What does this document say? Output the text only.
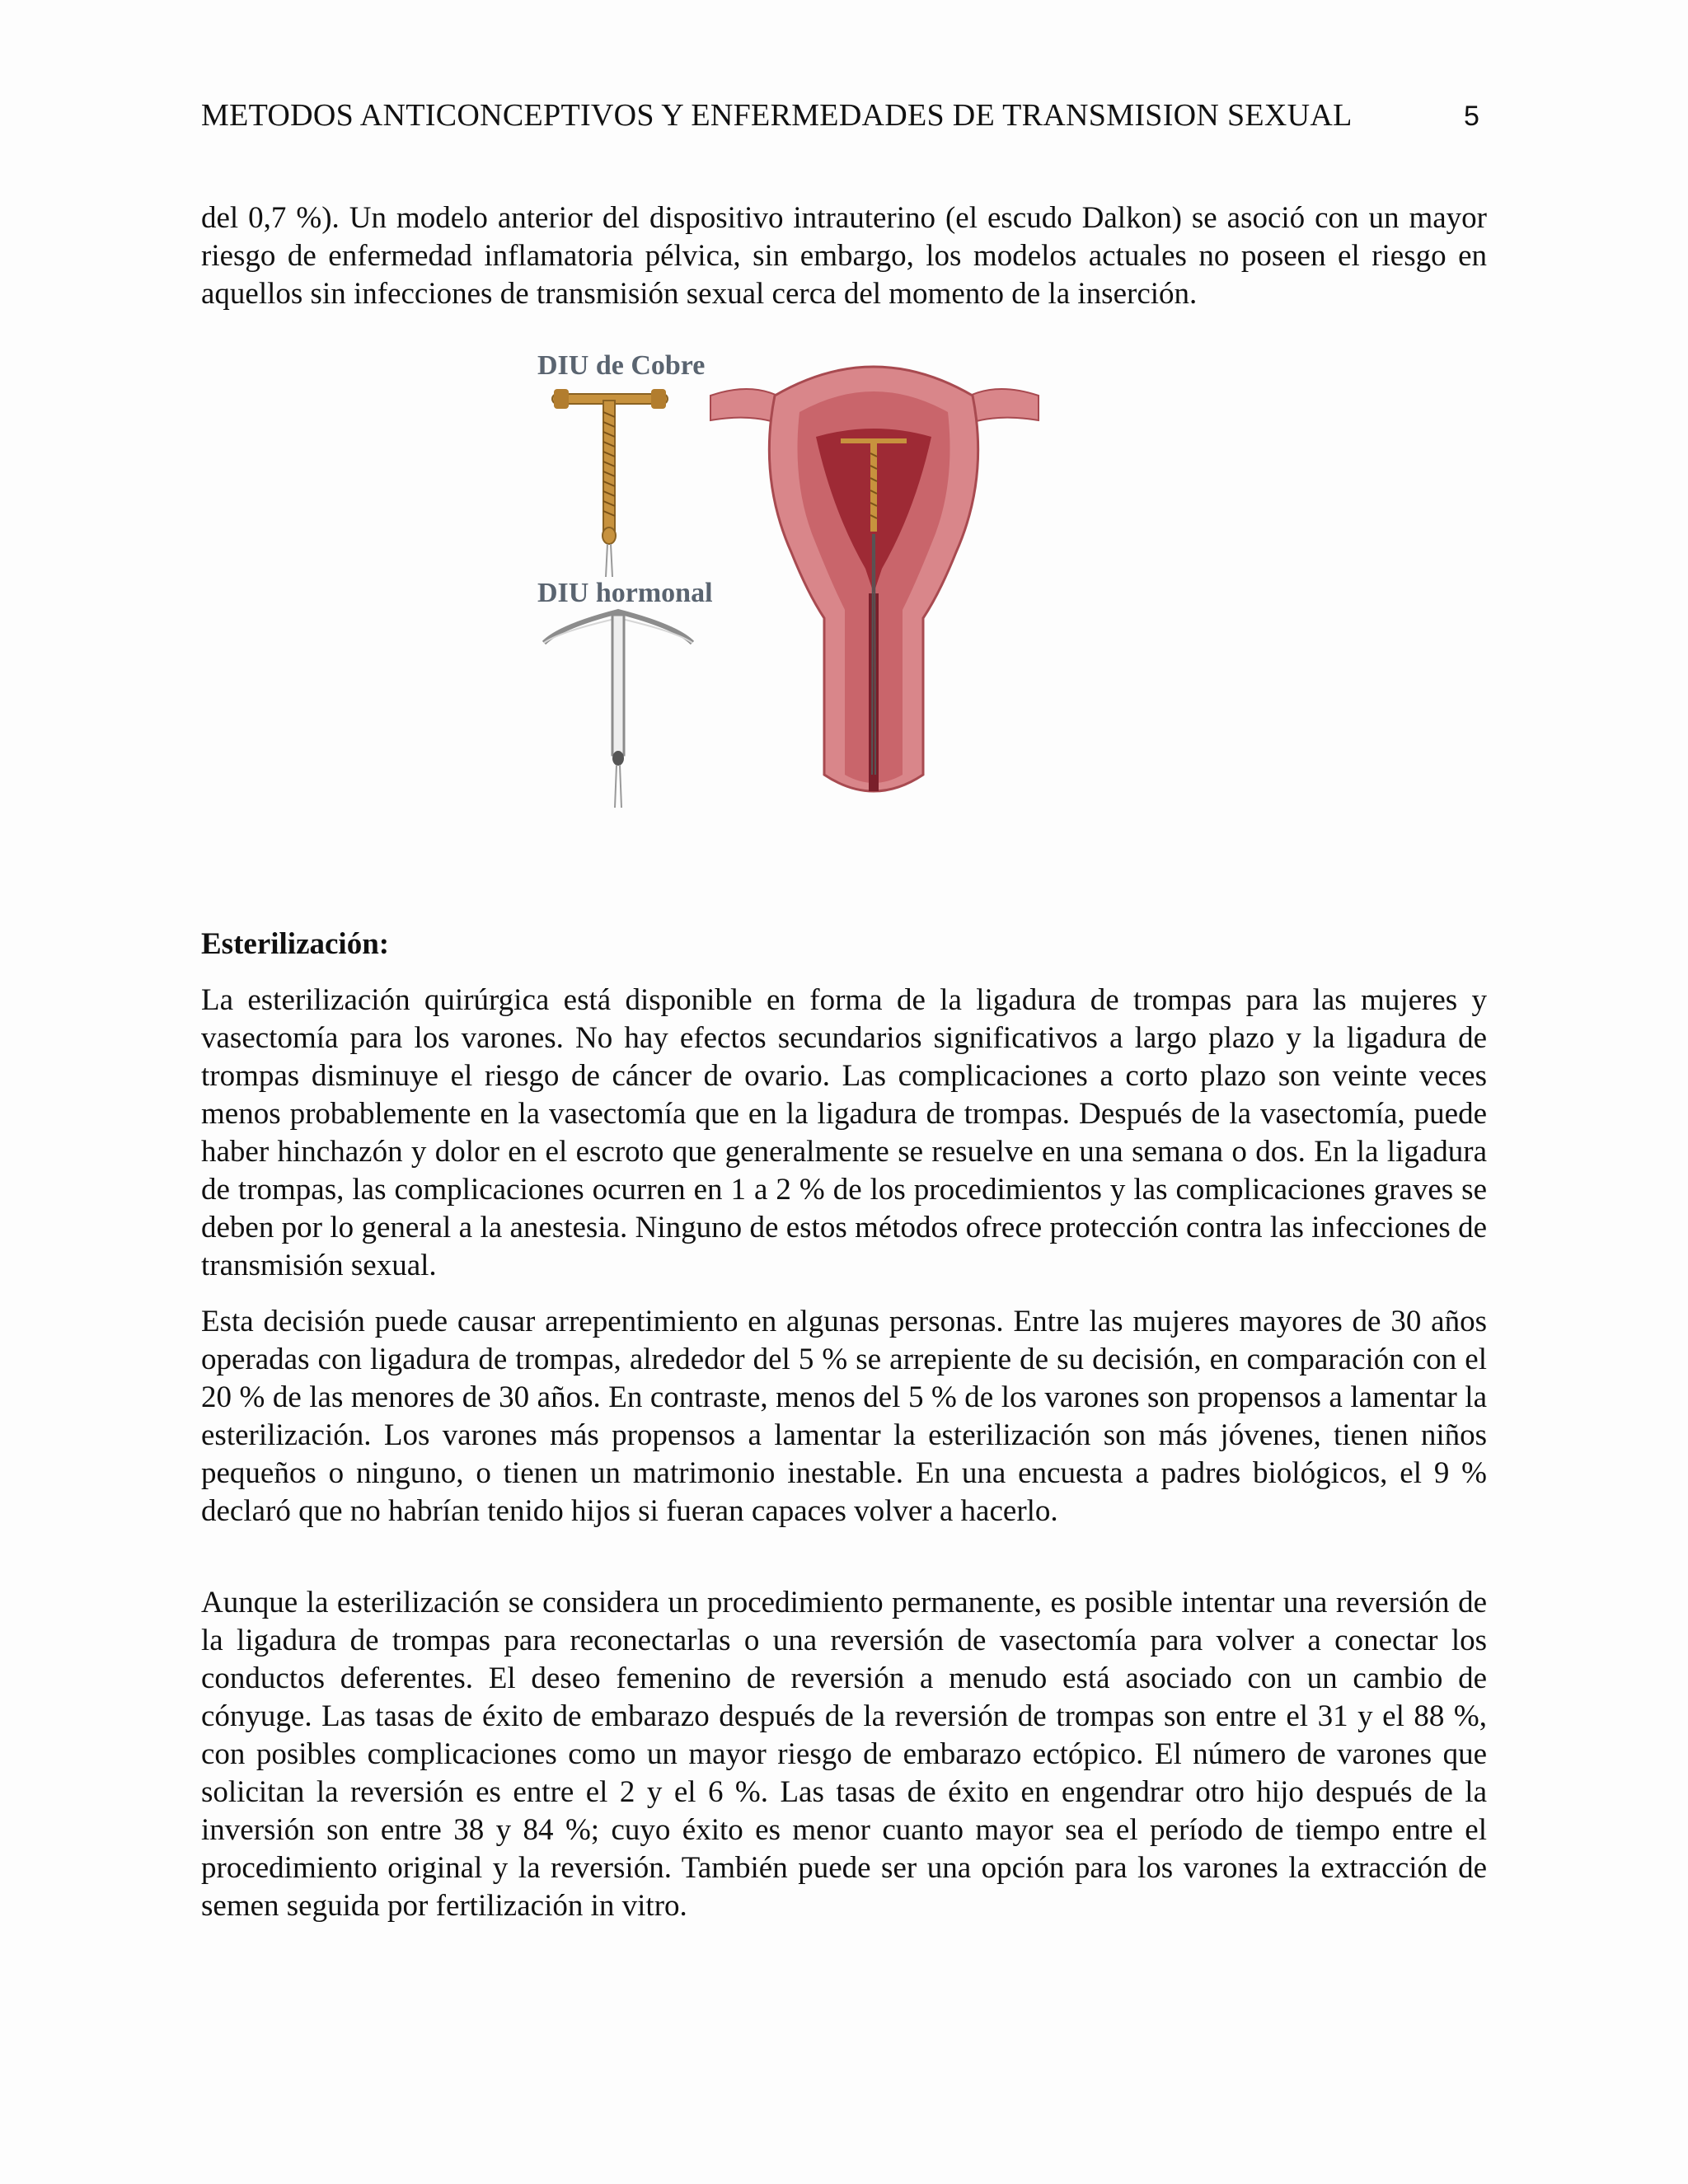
METODOS ANTICONCEPTIVOS Y ENFERMEDADES DE TRANSMISION SEXUAL	5

del 0,7 %). Un modelo anterior del dispositivo intrauterino (el escudo Dalkon) se asoció con un mayor riesgo de enfermedad inflamatoria pélvica, sin embargo, los modelos actuales no poseen el riesgo en aquellos sin infecciones de transmisión sexual cerca del momento de la inserción.

DIU de Cobre
DIU hormonal
Esterilización:

La esterilización quirúrgica está disponible en forma de la ligadura de trompas para las mujeres y vasectomía para los varones. No hay efectos secundarios significativos a largo plazo y la ligadura de trompas disminuye el riesgo de cáncer de ovario. Las complicaciones a corto plazo son veinte veces menos probablemente en la vasectomía que en la ligadura de trompas. Después de la vasectomía, puede haber hinchazón y dolor en el escroto que generalmente se resuelve en una semana o dos. En la ligadura de trompas, las complicaciones ocurren en 1 a 2 % de los procedimientos y las complicaciones graves se deben por lo general a la anestesia. Ninguno de estos métodos ofrece protección contra las infecciones de transmisión sexual.

Esta decisión puede causar arrepentimiento en algunas personas. Entre las mujeres mayores de 30 años operadas con ligadura de trompas, alrededor del 5 % se arrepiente de su decisión, en comparación con el 20 % de las menores de 30 años. En contraste, menos del 5 % de los varones son propensos a lamentar la esterilización. Los varones más propensos a lamentar la esterilización son más jóvenes, tienen niños pequeños o ninguno, o tienen un matrimonio inestable. En una encuesta a padres biológicos, el 9 % declaró que no habrían tenido hijos si fueran capaces volver a hacerlo.

Aunque la esterilización se considera un procedimiento permanente, es posible intentar una reversión de la ligadura de trompas para reconectarlas o una reversión de vasectomía para volver a conectar los conductos deferentes. El deseo femenino de reversión a menudo está asociado con un cambio de cónyuge. Las tasas de éxito de embarazo después de la reversión de trompas son entre el 31 y el 88 %, con posibles complicaciones como un mayor riesgo de embarazo ectópico. El número de varones que solicitan la reversión es entre el 2 y el 6 %. Las tasas de éxito en engendrar otro hijo después de la inversión son entre 38 y 84 %; cuyo éxito es menor cuanto mayor sea el período de tiempo entre el procedimiento original y la reversión. También puede ser una opción para los varones la extracción de semen seguida por fertilización in vitro.
